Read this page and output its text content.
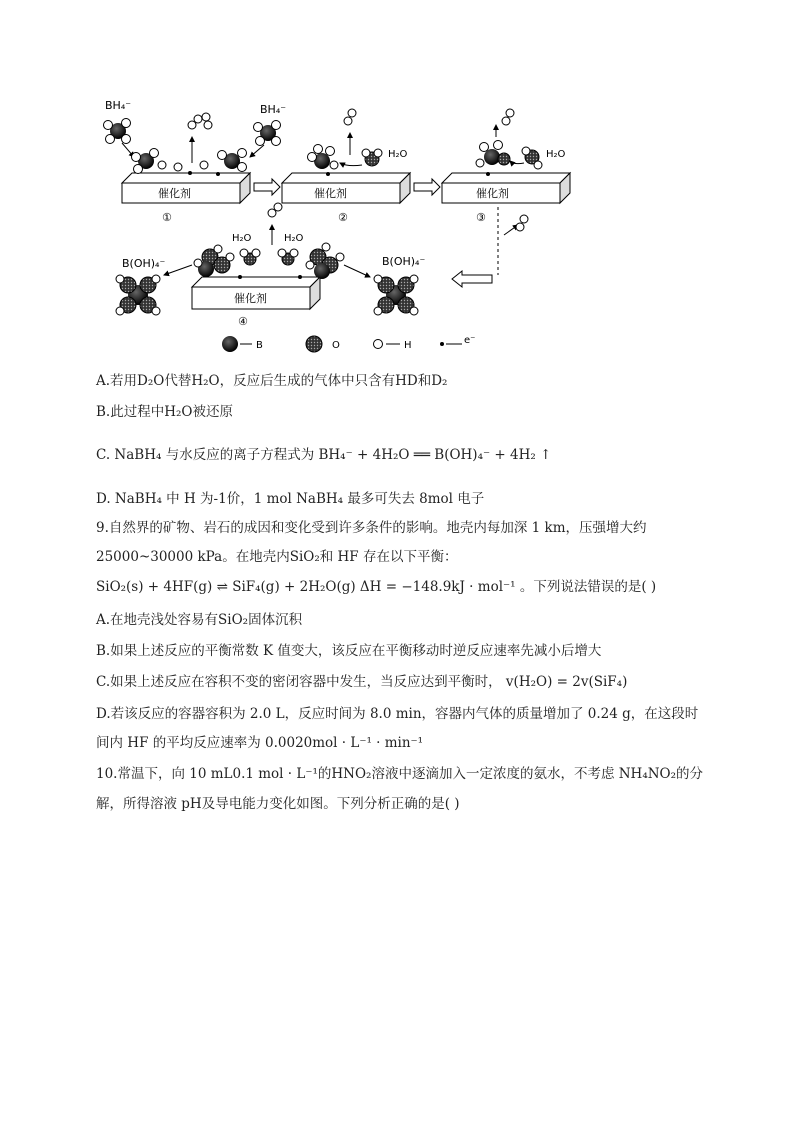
BH₄⁻	BH₄⁻
催化剂
①
催化剂
②
H₂O
催化剂
③
H₂O
催化剂
④
H₂O	H₂O
B(OH)₄⁻	B(OH)₄⁻
B	O	H	e⁻
A.若用D₂O代替H₂O，反应后生成的气体中只含有HD和D₂
B.此过程中H₂O被还原
C. NaBH₄ 与水反应的离子方程式为 BH₄⁻ + 4H₂O ══ B(OH)₄⁻ + 4H₂ ↑
D. NaBH₄ 中 H 为-1价，1 mol NaBH₄ 最多可失去 8mol 电子
9.自然界的矿物、岩石的成因和变化受到许多条件的影响。地壳内每加深 1 km，压强增大约
25000~30000 kPa。在地壳内SiO₂和 HF 存在以下平衡：
SiO₂(s) + 4HF(g) ⇌ SiF₄(g) + 2H₂O(g) ΔH = −148.9kJ · mol⁻¹ 。下列说法错误的是( )
A.在地壳浅处容易有SiO₂固体沉积
B.如果上述反应的平衡常数 K 值变大，该反应在平衡移动时逆反应速率先减小后增大
C.如果上述反应在容积不变的密闭容器中发生，当反应达到平衡时， v(H₂O) = 2v(SiF₄)
D.若该反应的容器容积为 2.0 L，反应时间为 8.0 min，容器内气体的质量增加了 0.24 g，在这段时
间内 HF 的平均反应速率为 0.0020mol · L⁻¹ · min⁻¹
10.常温下，向 10 mL0.1 mol · L⁻¹的HNO₂溶液中逐滴加入一定浓度的氨水，不考虑 NH₄NO₂的分
解，所得溶液 pH及导电能力变化如图。下列分析正确的是( )
